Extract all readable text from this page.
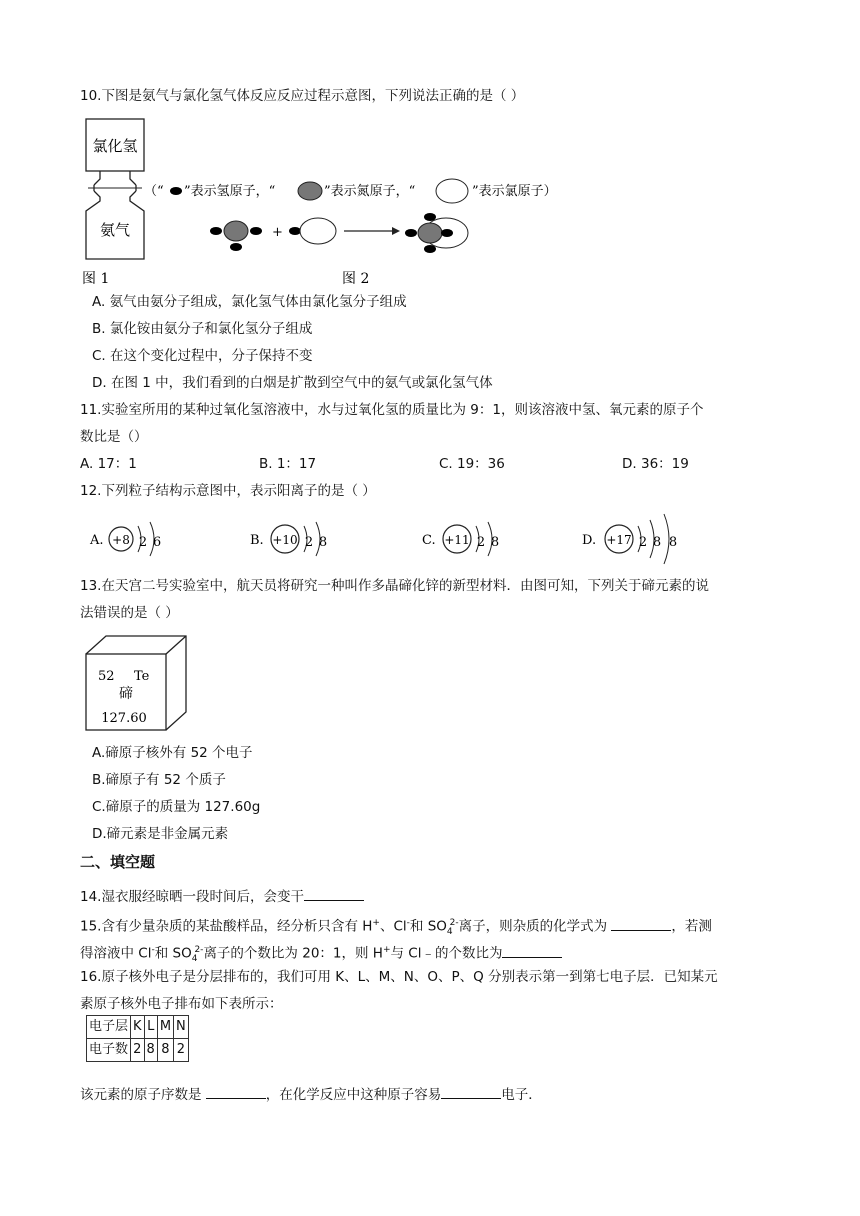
10.下图是氨气与氯化氢气体反应反应过程示意图，下列说法正确的是（ ）
氯化氢
氨气
（“ ”表示氢原子，“	”表示氮原子，“	”表示氯原子）
+
图 1	图 2
A. 氨气由氨分子组成，氯化氢气体由氯化氢分子组成
B. 氯化铵由氨分子和氯化氢分子组成
C. 在这个变化过程中，分子保持不变
D. 在图 1 中，我们看到的白烟是扩散到空气中的氨气或氯化氢气体
11.实验室所用的某种过氧化氢溶液中，水与过氧化氢的质量比为 9：1，则该溶液中氢、氧元素的原子个
数比是（）
A. 17：1	B. 1：17	C. 19：36	D. 36：19
12.下列粒子结构示意图中，表示阳离子的是（ ）
A. +8 2 6	B. +10 2 8	C. +11 2 8	D. +17 2 8 8
13.在天宫二号实验室中，航天员将研究一种叫作多晶碲化锌的新型材料．由图可知，下列关于碲元素的说
法错误的是（ ）
52 Te
碲
127.60
A.碲原子核外有 52 个电子
B.碲原子有 52 个质子
C.碲原子的质量为 127.60g
D.碲元素是非金属元素
二、填空题
14.湿衣服经晾晒一段时间后，会变干
15.含有少量杂质的某盐酸样品，经分析只含有 H+、Cl-和 $SO_4^{2-}$离子，则杂质的化学式为	，若测
得溶液中 Cl-和 $SO_4^{2-}$离子的个数比为 20：1，则 H+与 Cl﹣的个数比为
16.原子核外电子是分层排布的，我们可用 K、L、M、N、O、P、Q 分别表示第一到第七电子层．已知某元
素原子核外电子排布如下表所示：
电子层	K	L	M	N
电子数	2	8	8	2
该元素的原子序数是	，在化学反应中这种原子容易	电子．
